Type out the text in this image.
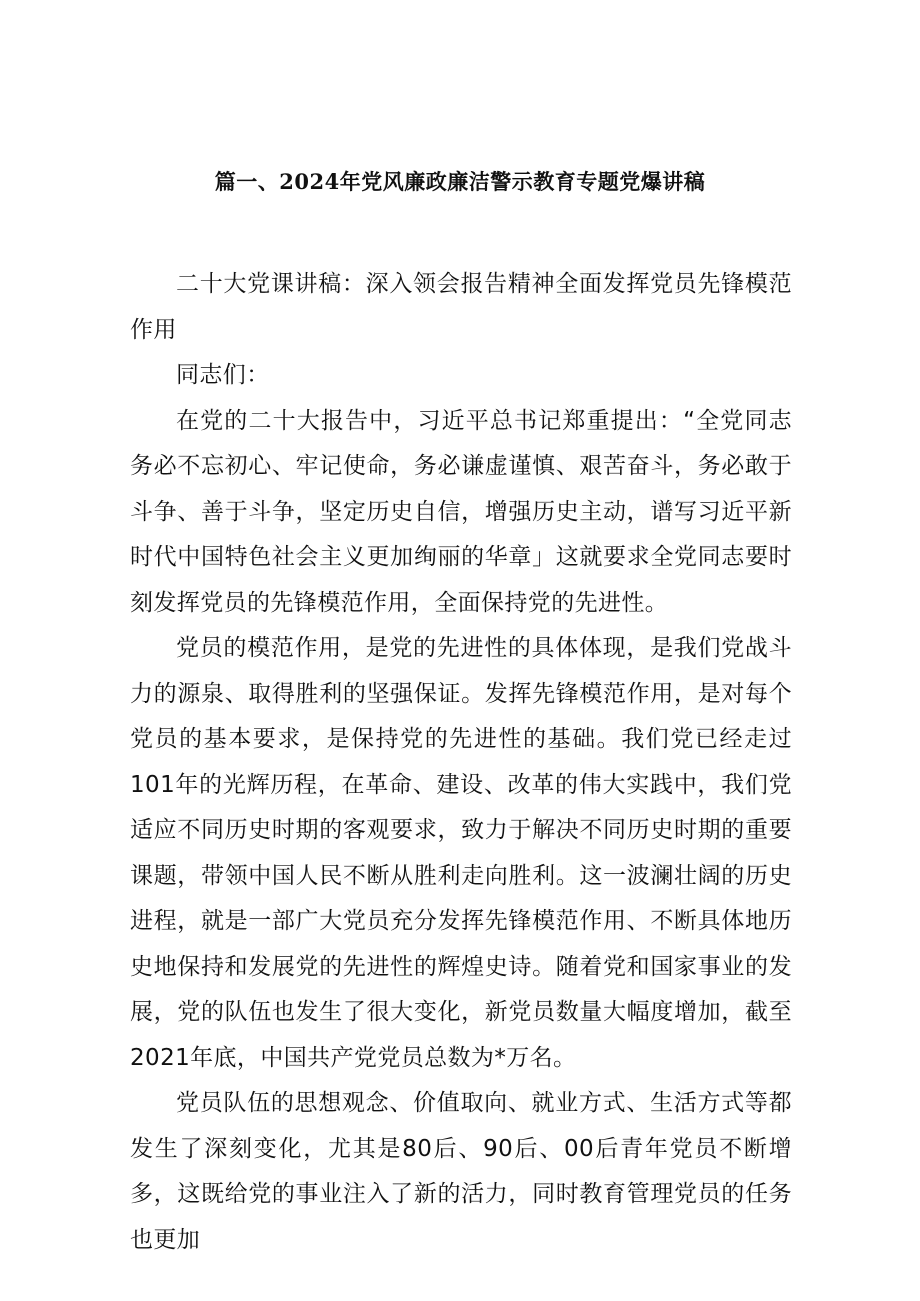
篇一、2024年党风廉政廉洁警示教育专题党爆讲稿

二十大党课讲稿：深入领会报告精神全面发挥党员先锋模范作用

同志们：

在党的二十大报告中，习近平总书记郑重提出：“全党同志务必不忘初心、牢记使命，务必谦虚谨慎、艰苦奋斗，务必敢于斗争、善于斗争，坚定历史自信，增强历史主动，谱写习近平新时代中国特色社会主义更加绚丽的华章」这就要求全党同志要时刻发挥党员的先锋模范作用，全面保持党的先进性。

党员的模范作用，是党的先进性的具体体现，是我们党战斗力的源泉、取得胜利的坚强保证。发挥先锋模范作用，是对每个党员的基本要求，是保持党的先进性的基础。我们党已经走过101年的光辉历程，在革命、建设、改革的伟大实践中，我们党适应不同历史时期的客观要求，致力于解决不同历史时期的重要课题，带领中国人民不断从胜利走向胜利。这一波澜壮阔的历史进程，就是一部广大党员充分发挥先锋模范作用、不断具体地历史地保持和发展党的先进性的辉煌史诗。随着党和国家事业的发展，党的队伍也发生了很大变化，新党员数量大幅度增加，截至2021年底，中国共产党党员总数为*万名。

党员队伍的思想观念、价值取向、就业方式、生活方式等都发生了深刻变化，尤其是80后、90后、00后青年党员不断增多，这既给党的事业注入了新的活力，同时教育管理党员的任务也更加
